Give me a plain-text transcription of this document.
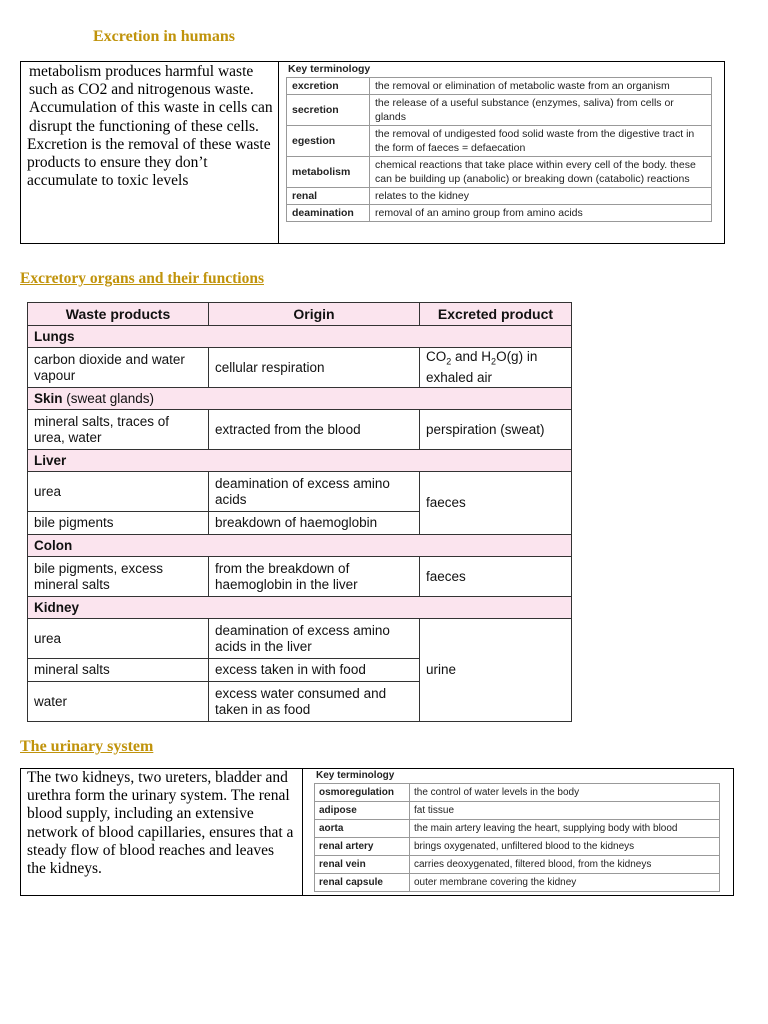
Excretion in humans

metabolism produces harmful waste such as CO2 and nitrogenous waste. Accumulation of this waste in cells can disrupt the functioning of these cells.

Excretion is the removal of these waste products to ensure they don’t accumulate to toxic levels

Key terminology
excretion	the removal or elimination of metabolic waste from an organism
secretion	the release of a useful substance (enzymes, saliva) from cells or glands
egestion	the removal of undigested food solid waste from the digestive tract in the form of faeces = defaecation
metabolism	chemical reactions that take place within every cell of the body. these can be building up (anabolic) or breaking down (catabolic) reactions
renal	relates to the kidney
deamination	removal of an amino group from amino acids
Excretory organs and their functions
Waste products	Origin	Excreted product
Lungs		
carbon dioxide and water vapour	cellular respiration	$CO_2$ and $H_2O(g)$ in exhaled air
Skin (sweat glands)		
mineral salts, traces of urea, water	extracted from the blood	perspiration (sweat)
Liver		
urea	deamination of excess amino acids	faeces
bile pigments	breakdown of haemoglobin	
Colon		
bile pigments, excess mineral salts	from the breakdown of haemoglobin in the liver	faeces
Kidney		
urea	deamination of excess amino acids in the liver	urine
mineral salts	excess taken in with food	
water	excess water consumed and taken in as food	
The urinary system
The two kidneys, two ureters, bladder and urethra form the urinary system. The renal blood supply, including an extensive network of blood capillaries, ensures that a steady flow of blood reaches and leaves the kidneys.
Key terminology
osmoregulation	the control of water levels in the body
adipose	fat tissue
aorta	the main artery leaving the heart, supplying body with blood
renal artery	brings oxygenated, unfiltered blood to the kidneys
renal vein	carries deoxygenated, filtered blood, from the kidneys
renal capsule	outer membrane covering the kidney
